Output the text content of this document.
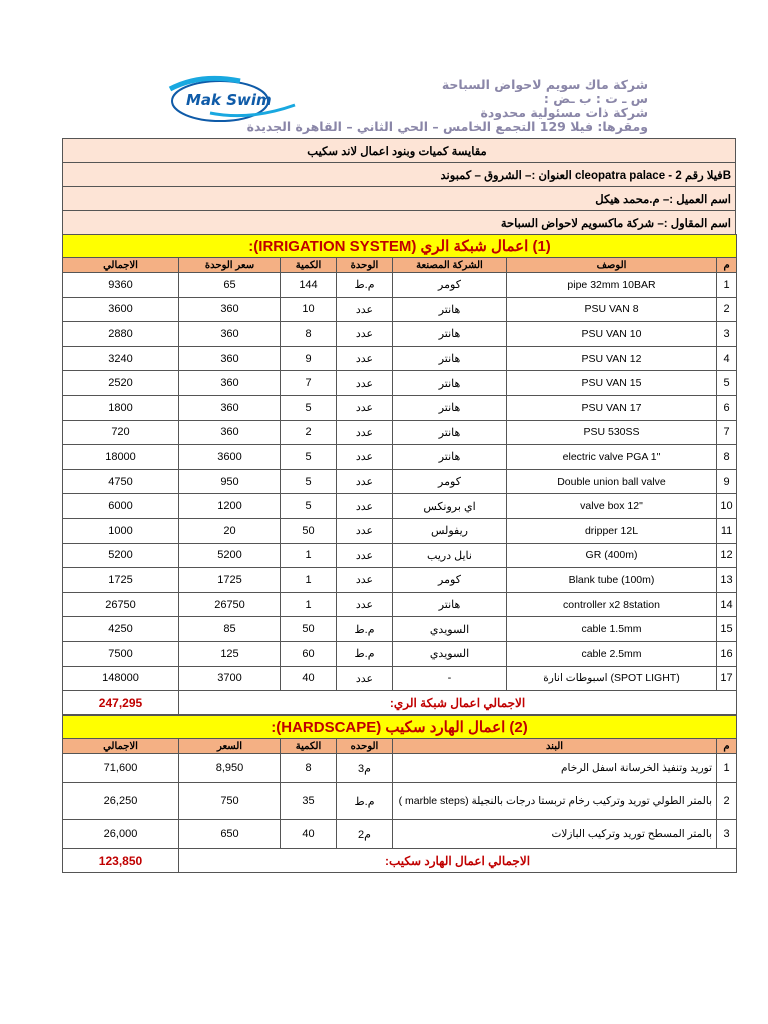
Mak Swim
شركة ماك سويم لاحواض السباحة
س ـ ت : ب ـض :
شركة ذات مسئولية محدودة
ومقرها: فيلا 129 التجمع الخامس – الحي الثاني – القاهرة الجديدة
مقايسة كميات وبنود اعمال لاند سكيب
Bفيلا رقم 2 - cleopatra palace العنوان :– الشروق – كمبوند
اسم العميل :– م.محمد هيكل
اسم المقاول :– شركة ماكسويم لاحواض السباحة
(1) اعمال شبكة الري (IRRIGATION SYSTEM):						
الاجمالي	سعر الوحدة	الكمية	الوحدة	الشركة المصنعة	الوصف	م
9360	65	144	م.ط	كومر	pipe 32mm 10BAR	1
3600	360	10	عدد	هانتر	PSU VAN 8	2
2880	360	8	عدد	هانتر	PSU VAN 10	3
3240	360	9	عدد	هانتر	PSU VAN 12	4
2520	360	7	عدد	هانتر	PSU VAN 15	5
1800	360	5	عدد	هانتر	PSU VAN 17	6
720	360	2	عدد	هانتر	PSU 530SS	7
18000	3600	5	عدد	هانتر	electric valve PGA 1"	8
4750	950	5	عدد	كومر	Double union ball valve	9
6000	1200	5	عدد	اي برونكس	valve box 12"	10
1000	20	50	عدد	ريفولس	dripper 12L	11
5200	5200	1	عدد	نايل دريب	GR (400m)	12
1725	1725	1	عدد	كومر	Blank tube (100m)	13
26750	26750	1	عدد	هانتر	controller x2 8station	14
4250	85	50	م.ط	السويدي	cable 1.5mm	15
7500	125	60	م.ط	السويدي	cable 2.5mm	16
148000	3700	40	عدد	-	اسبوطات انارة (SPOT LIGHT)	17
247,295	الاجمالي اعمال شبكة الري:					
(2) اعمال الهارد سكيب (HARDSCAPE):					
الاجمالي	السعر	الكمية	الوحده	البند	م
71,600	8,950	8	م3	توريد وتنفيذ الخرسانة اسفل الرخام	1
26,250	750	35	م.ط	بالمتر الطولي توريد وتركيب رخام تربستا درجات بالنجيلة (marble steps )	2
26,000	650	40	م2	بالمتر المسطح توريد وتركيب البازلات	3
123,850	الاجمالي اعمال الهارد سكيب:				
